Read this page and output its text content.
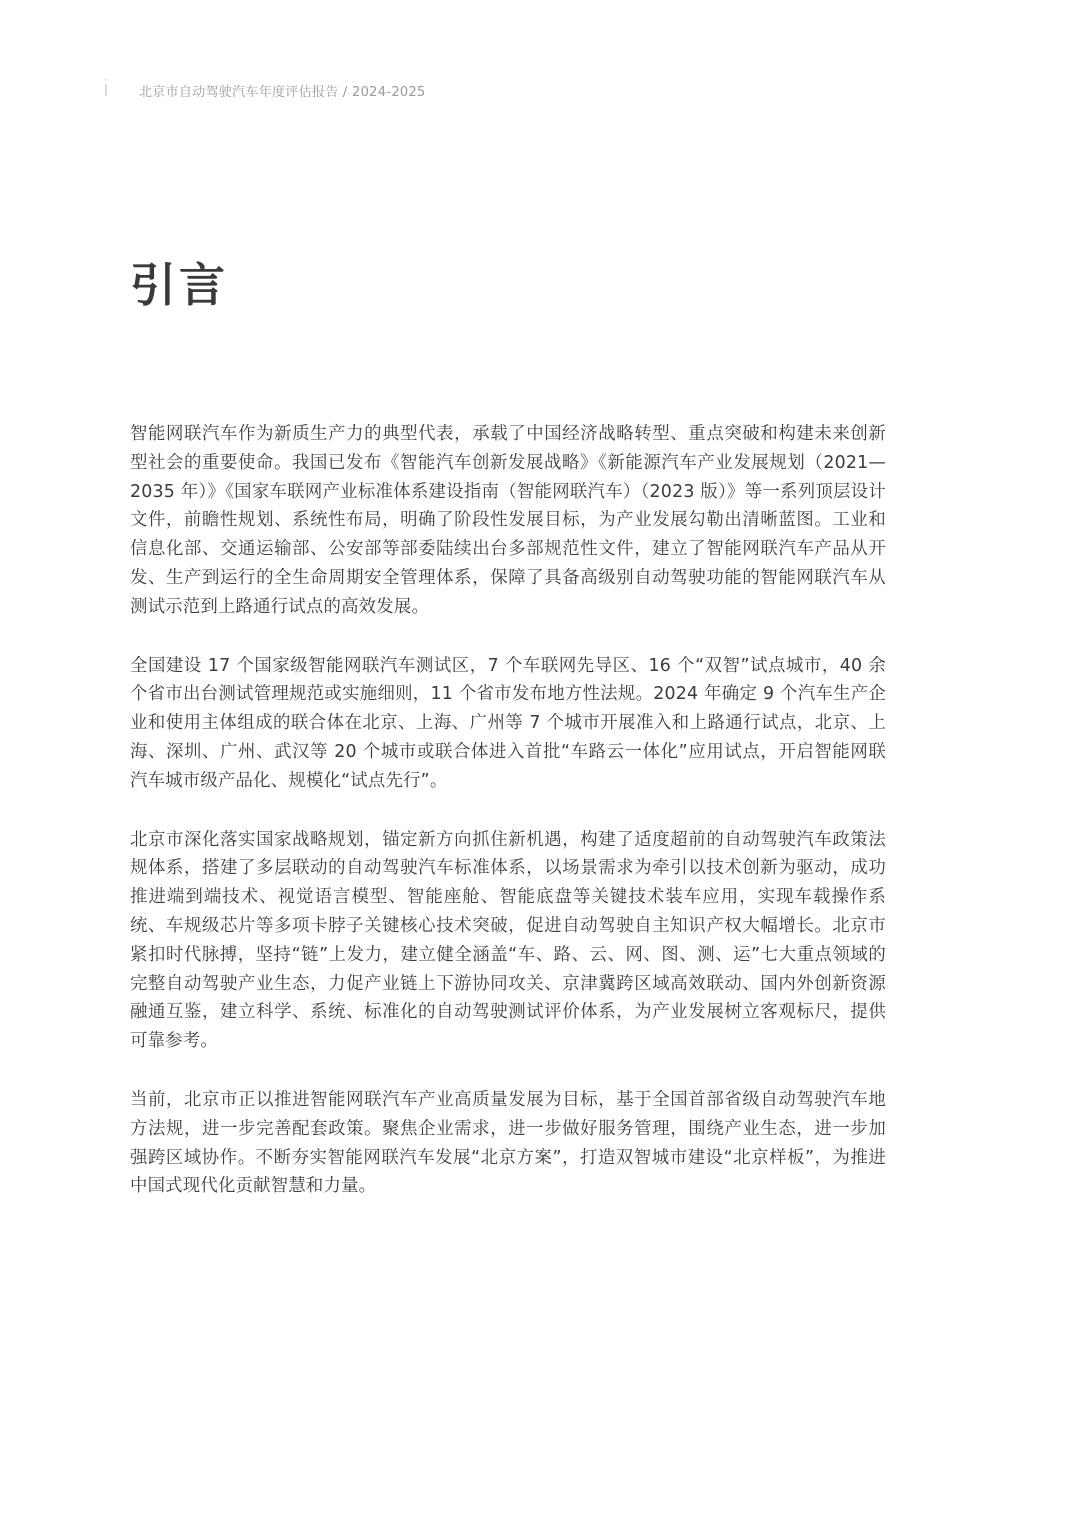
i	北京市自动驾驶汽车年度评估报告 / 2024-2025
引言

智能网联汽车作为新质生产力的典型代表，承载了中国经济战略转型、重点突破和构建未来创新型社会的重要使命。我国已发布《智能汽车创新发展战略》《新能源汽车产业发展规划（2021—2035 年）》《国家车联网产业标准体系建设指南（智能网联汽车）（2023 版）》等一系列顶层设计文件，前瞻性规划、系统性布局，明确了阶段性发展目标，为产业发展勾勒出清晰蓝图。工业和信息化部、交通运输部、公安部等部委陆续出台多部规范性文件，建立了智能网联汽车产品从开发、生产到运行的全生命周期安全管理体系，保障了具备高级别自动驾驶功能的智能网联汽车从测试示范到上路通行试点的高效发展。

全国建设 17 个国家级智能网联汽车测试区，7 个车联网先导区、16 个“双智”试点城市，40 余个省市出台测试管理规范或实施细则，11 个省市发布地方性法规。2024 年确定 9 个汽车生产企业和使用主体组成的联合体在北京、上海、广州等 7 个城市开展准入和上路通行试点，北京、上海、深圳、广州、武汉等 20 个城市或联合体进入首批“车路云一体化”应用试点，开启智能网联汽车城市级产品化、规模化“试点先行”。

北京市深化落实国家战略规划，锚定新方向抓住新机遇，构建了适度超前的自动驾驶汽车政策法规体系，搭建了多层联动的自动驾驶汽车标准体系，以场景需求为牵引以技术创新为驱动，成功推进端到端技术、视觉语言模型、智能座舱、智能底盘等关键技术装车应用，实现车载操作系统、车规级芯片等多项卡脖子关键核心技术突破，促进自动驾驶自主知识产权大幅增长。北京市紧扣时代脉搏，坚持“链”上发力，建立健全涵盖“车、路、云、网、图、测、运”七大重点领域的完整自动驾驶产业生态，力促产业链上下游协同攻关、京津冀跨区域高效联动、国内外创新资源融通互鉴，建立科学、系统、标准化的自动驾驶测试评价体系，为产业发展树立客观标尺，提供可靠参考。

当前，北京市正以推进智能网联汽车产业高质量发展为目标，基于全国首部省级自动驾驶汽车地方法规，进一步完善配套政策。聚焦企业需求，进一步做好服务管理，围绕产业生态，进一步加强跨区域协作。不断夯实智能网联汽车发展“北京方案”，打造双智城市建设“北京样板”，为推进中国式现代化贡献智慧和力量。
